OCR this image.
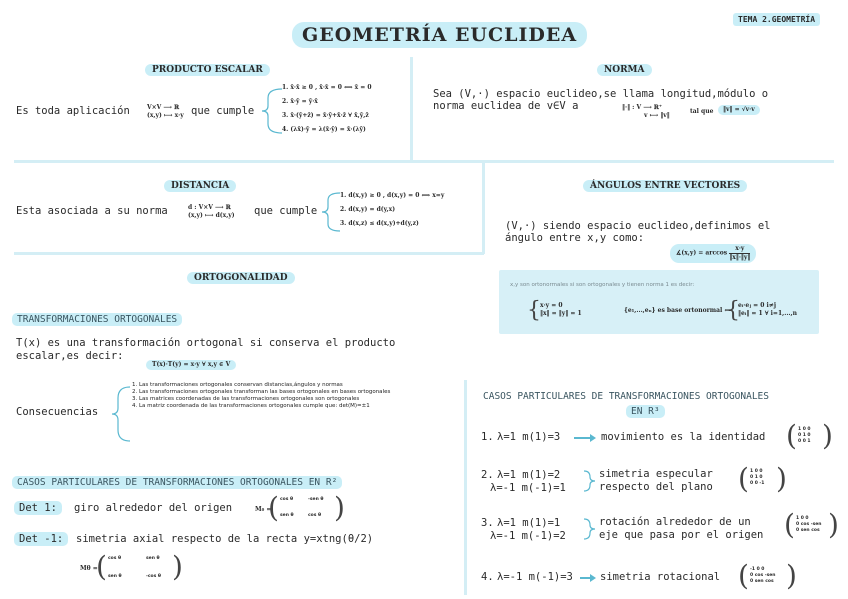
GEOMETRÍA EUCLIDEA
TEMA 2.GEOMETRÍA
PRODUCTO ESCALAR
Es toda aplicación	V×V ⟶ ℝ
(x,y) ⟼ x·y que cumple
1. x̄·x̄ ≥ 0 , x̄·x̄ = 0 ⟺ x̄ = 0
2. x̄·ȳ = ȳ·x̄
3. x̄·(ȳ+z̄) = x̄·ȳ+x̄·z̄ ∀ x̄,ȳ,z̄
4. (λx̄)·ȳ = λ(x̄·ȳ) = x̄·(λȳ)
NORMA
Sea (V,·) espacio euclideo,se llama longitud,módulo o
norma euclidea de v∈V a	‖·‖ : V ⟶ ℝ⁺
v ⟼ ‖v‖
tal que	‖v‖ = √v·v
DISTANCIA
Esta asociada a su norma	d : V×V ⟶ ℝ
(x,y) ⟼ d(x,y) que cumple
1. d(x,y) ≥ 0 , d(x,y) = 0 ⟺ x=y
2. d(x,y) = d(y,x)
3. d(x,z) ≤ d(x,y)+d(y,z)
ÁNGULOS ENTRE VECTORES
(V,·) siendo espacio euclideo,definimos el
ángulo entre x,y como:
∡(x,y) = $\arccos \frac{x\cdot y}{‖x‖\cdot‖y‖}$
x,y son ortonormales si son ortogonales y tienen norma 1 es decir:
{ x·y = 0
‖x‖ = ‖y‖ = 1	{e₁,...,eₙ} es base ortonormal ⟺
{
eᵢ·eⱼ = 0 i≠j
‖eᵢ‖ = 1 ∀ i=1,...,n
ORTOGONALIDAD
TRANSFORMACIONES ORTOGONALES
T(x) es una transformación ortogonal si conserva el producto
escalar,es decir:
T(x)·T(y) = x·y ∀ x,y ∈ V
Consecuencias
1. Las transformaciones ortogonales conservan distancias,ángulos y normas
2. Las transformaciones ortogonales transforman las bases ortogonales en bases ortogonales
3. Las matrices coordenadas de las transformaciones ortogonales son ortogonales
4. La matriz coordenada de las transformaciones ortogonales cumple que: det(M)=±1
CASOS PARTICULARES DE TRANSFORMACIONES ORTOGONALES EN R²
Det 1:	giro alrededor del origen	M₀ =
( cos θ	-sen θ
sen θ	cos θ )
Det -1:	simetria axial respecto de la recta y=xtng(θ/2)
Mθ =
( cos θ	sen θ
sen θ	-cos θ )
CASOS PARTICULARES DE TRANSFORMACIONES ORTOGONALES
EN R³
1. λ=1 m(1)=3	movimiento es la identidad ( 1 0 0
0 1 0
0 0 1 )
2. λ=1 m(1)=2
λ=-1 m(-1)=1
simetria especular
respecto del plano ( 1 0 0
0 1 0
0 0 -1 )
3. λ=1 m(1)=1
λ=-1 m(-1)=2
rotación alrededor de un
eje que pasa por el origen ( 1 0 0
0 cos -sen
0 sen cos )
4. λ=-1 m(-1)=3	simetria rotacional ( -1 0 0
0 cos -sen
0 sen cos )
